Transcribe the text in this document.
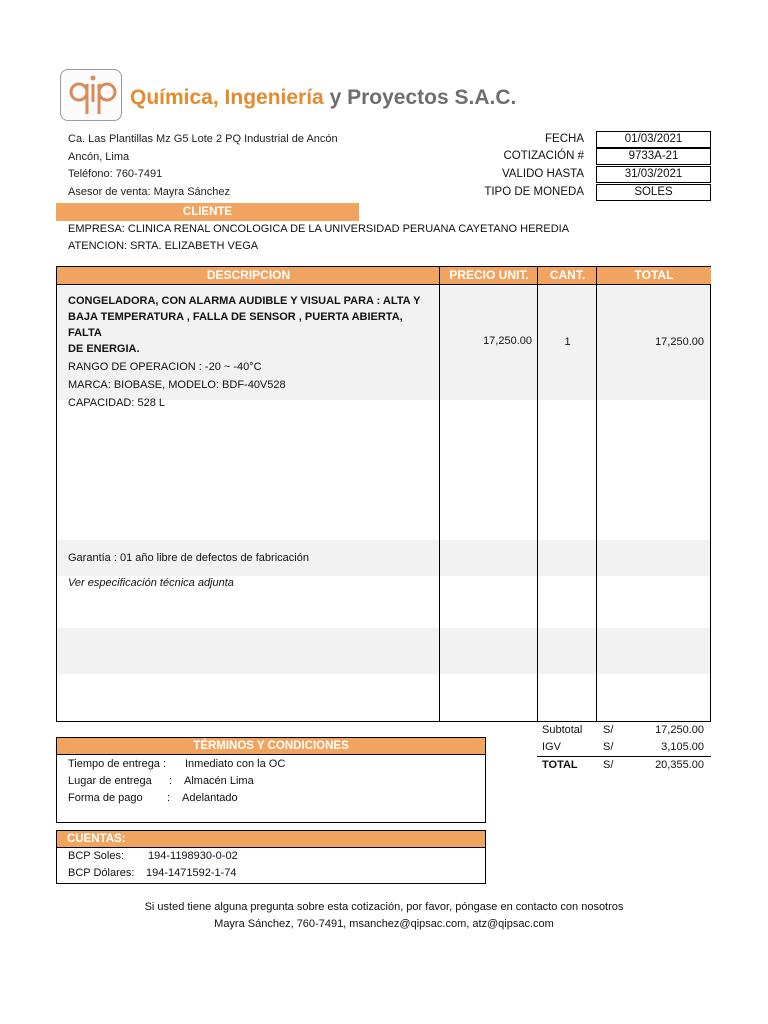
Química, Ingeniería y Proyectos S.A.C.
Ca. Las Plantillas Mz G5 Lote 2 PQ Industrial de Ancón
Ancón, Lima
Teléfono: 760-7491
Asesor de venta: Mayra Sánchez
FECHA	01/03/2021
COTIZACIÓN #	9733A-21
VALIDO HASTA	31/03/2021
TIPO DE MONEDA	SOLES
CLIENTE
EMPRESA: CLINICA RENAL ONCOLOGICA DE LA UNIVERSIDAD PERUANA CAYETANO HEREDIA
ATENCION: SRTA. ELIZABETH VEGA
DESCRIPCION	PRECIO UNIT.	CANT.	TOTAL
CONGELADORA, CON ALARMA AUDIBLE Y VISUAL PARA : ALTA Y
BAJA TEMPERATURA , FALLA DE SENSOR , PUERTA ABIERTA, FALTA
DE ENERGIA.
RANGO DE OPERACION : -20 ~ -40°C
MARCA: BIOBASE, MODELO: BDF-40V528
CAPACIDAD: 528 L
17,250.00	1	17,250.00
Garantía : 01 año libre de defectos de fabricación
Ver especificación técnica adjunta
Subtotal S/	17,250.00
IGV	S/	3,105.00
TOTAL S/	20,355.00
TÉRMINOS Y CONDICIONES
Tiempo de entrega : Inmediato con la OC
Lugar de entrega : Almacén Lima
Forma de pago : Adelantado
CUENTAS:
BCP Soles: 194-1198930-0-02
BCP Dólares: 194-1471592-1-74
Si usted tiene alguna pregunta sobre esta cotización, por favor, póngase en contacto con nosotros
Mayra Sánchez, 760-7491, msanchez@qipsac.com, atz@qipsac.com
